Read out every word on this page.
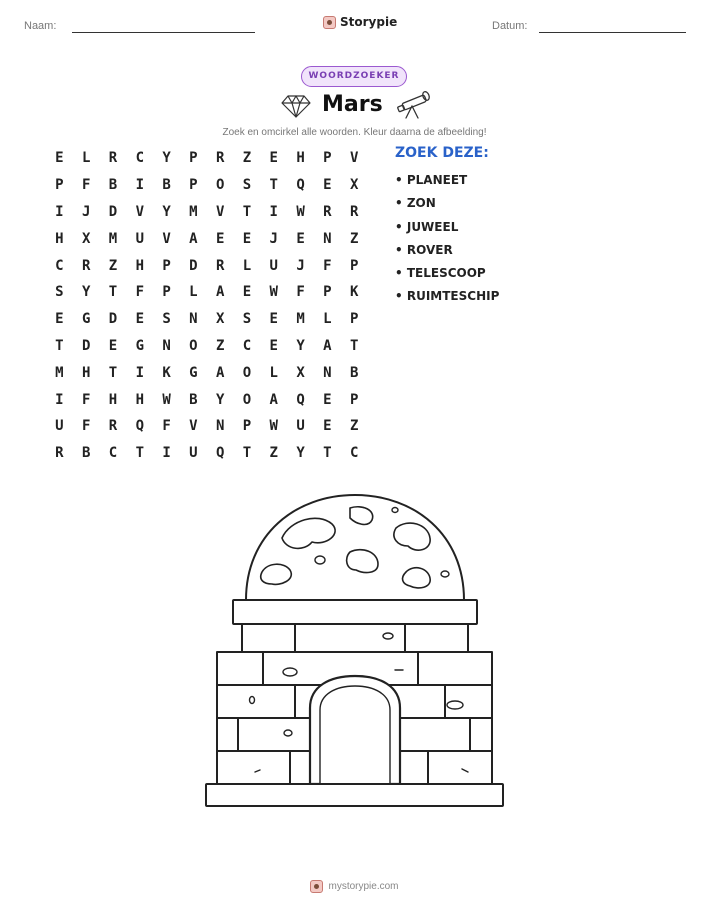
Naam:	Storypie	Datum:
WOORDZOEKER
Mars
Zoek en omcirkel alle woorden. Kleur daarna de afbeelding!
E	L	R	C	Y	P	R	Z	E	H	P	V
P	F	B	I	B	P	O	S	T	Q	E	X
I	J	D	V	Y	M	V	T	I	W	R	R
H	X	M	U	V	A	E	E	J	E	N	Z
C	R	Z	H	P	D	R	L	U	J	F	P
S	Y	T	F	P	L	A	E	W	F	P	K
E	G	D	E	S	N	X	S	E	M	L	P
T	D	E	G	N	O	Z	C	E	Y	A	T
M	H	T	I	K	G	A	O	L	X	N	B
I	F	H	H	W	B	Y	O	A	Q	E	P
U	F	R	Q	F	V	N	P	W	U	E	Z
R	B	C	T	I	U	Q	T	Z	Y	T	C
ZOEK DEZE:
• PLANEET
• ZON
• JUWEEL
• ROVER
• TELESCOOP
• RUIMTESCHIP
mystorypie.com
